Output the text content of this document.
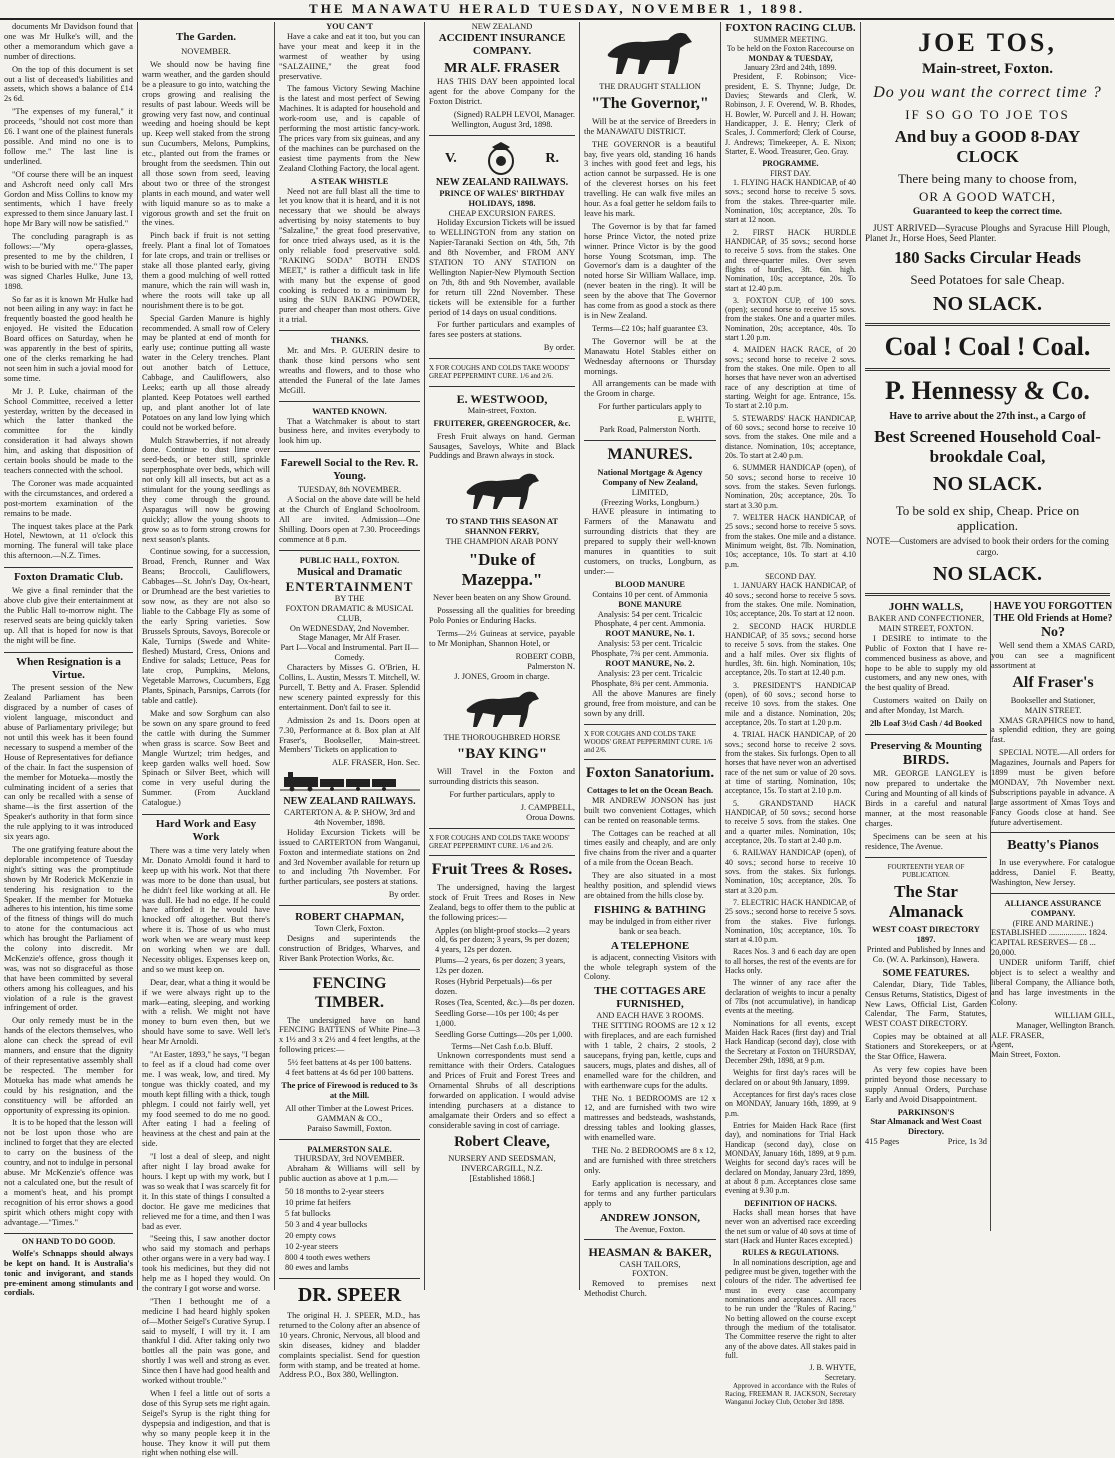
THE MANAWATU HERALD TUESDAY, NOVEMBER 1, 1898.

documents Mr Davidson found that one was Mr Hulke's will, and the other a memorandum which gave a number of directions.

On the top of this document is set out a list of deceased's liabilities and assets, which shows a balance of £14 2s 6d.

"The expenses of my funeral," it proceeds, "should not cost more than £6. I want one of the plainest funerals possible. And mind no one is to follow me." The last line is underlined.

"Of course there will be an inquest and Ashcroft need only call Mrs Gordon and Miss Collins to know my sentiments, which I have freely expressed to them since January last. I hope Mr Bary will now be satisfied."

The concluding paragraph is as follows:—"My opera-glasses, presented to me by the children, I wish to be buried with me." The paper was signed Charles Hulke, June 13, 1898.

So far as it is known Mr Hulke had not been ailing in any way: in fact he frequently boasted the good health he enjoyed. He visited the Education Board offices on Saturday, when he was apparently in the best of spirits, one of the clerks remarking he had not seen him in such a jovial mood for some time.

Mr J. P. Luke, chairman of the School Committee, received a letter yesterday, written by the deceased in which the latter thanked the committee for the kindly consideration it had always shown him, and asking that disposition of certain books should be made to the teachers connected with the school.

The Coroner was made acquainted with the circumstances, and ordered a post-mortem examination of the remains to be made.

The inquest takes place at the Park Hotel, Newtown, at 11 o'clock this morning. The funeral will take place this afternoon.—N.Z. Times.

Foxton Dramatic Club.

We give a final reminder that the above club give their entertainment at the Public Hall to-morrow night. The reserved seats are being quickly taken up. All that is hoped for now is that the night will be fine.

When Resignation is a Virtue.

The present session of the New Zealand Parliament has been disgraced by a number of cases of violent language, misconduct and abuse of Parliamentary privilege; but not until this week has it been found necessary to suspend a member of the House of Representatives for defiance of the chair. In fact the suspension of the member for Motueka—mostly the culminating incident of a series that can only be recalled with a sense of shame—is the first assertion of the Speaker's authority in that form since the rule applying to it was introduced six years ago.

The one gratifying feature about the deplorable incompetence of Tuesday night's sitting was the promptitude shown by Mr Roderick McKenzie in tendering his resignation to the Speaker. If the member for Motueka adheres to his intention, his time some of the fitness of things will do much to atone for the contumacious act which has brought the Parliament of the colony into discredit. Mr McKenzie's offence, gross though it was, was not so disgraceful as those that have been committed by several others among his colleagues, and his violation of a rule is the gravest infringement of order.

Our only remedy must be in the hands of the electors themselves, who alone can check the spread of evil manners, and ensure that the dignity of their representative assembly shall be respected. The member for Motueka has made what amends he could by his resignation, and the constituency will be afforded an opportunity of expressing its opinion.

It is to be hoped that the lesson will not be lost upon those who are inclined to forget that they are elected to carry on the business of the country, and not to indulge in personal abuse. Mr McKenzie's offence was not a calculated one, but the result of a moment's heat, and his prompt recognition of his error shows a good spirit which others might copy with advantage.—"Times."

ON HAND TO DO GOOD.

Wolfe's Schnapps should always be kept on hand. It is Australia's tonic and invigorant, and stands pre-eminent among stimulants and cordials.

The Garden.
NOVEMBER.

We should now be having fine warm weather, and the garden should be a pleasure to go into, watching the crops growing and realising the results of past labour. Weeds will be growing very fast now, and continual weeding and hoeing should be kept up. Keep well staked from the strong sun Cucumbers, Melons, Pumpkins, etc., planted out from the frames or brought from the seedsmen. Thin out all those sown from seed, leaving about two or three of the strongest plants in each mound, and water well with liquid manure so as to make a vigorous growth and set the fruit on the vines.

Pinch back if fruit is not setting freely. Plant a final lot of Tomatoes for late crops, and train or trellises or stake all those planted early, giving them a good mulching of well rotted manure, which the rain will wash in, where the roots will take up all nourishment there is to be got.

Special Garden Manure is highly recommended. A small row of Celery may be planted at end of month for early use; continue putting all waste water in the Celery trenches. Plant out another batch of Lettuce, Cabbage, and Cauliflowers, also Leeks; earth up all those already planted. Keep Potatoes well earthed up, and plant another lot of late Potatoes on any land low lying which could not be worked before.

Mulch Strawberries, if not already done. Continue to dust lime over seed-beds, or better still, sprinkle superphosphate over beds, which will not only kill all insects, but act as a stimulant for the young seedlings as they come through the ground. Asparagus will now be growing quickly; allow the young shoots to grow so as to form strong crowns for next season's plants.

Continue sowing, for a succession, Broad, French, Runner and Wax Beans; Broccoli, Cauliflowers, Cabbages—St. John's Day, Ox-heart, or Drumhead are the best varieties to sow now, as they are not also so liable to the Cabbage Fly as some of the early Spring varieties. Sow Brussels Sprouts, Savoys, Borecole or Kale, Turnips (Swede and White-fleshed) Mustard, Cress, Onions and Endive for salads; Lettuce, Peas for late crop, Pumpkins, Melons, Vegetable Marrows, Cucumbers, Egg Plants, Spinach, Parsnips, Carrots (for table and cattle).

Make and sow Sorghum can also be sown on any spare ground to feed the cattle with during the Summer when grass is scarce. Sow Beet and Mangle Wurtzel; trim hedges, and keep garden walks well hoed. Sow Spinach or Silver Beet, which will come in very useful during the Summer. (From Auckland Catalogue.)

Hard Work and Easy Work

There was a time very lately when Mr. Donato Arnoldi found it hard to keep up with his work. Not that there was more to be done than usual, but he didn't feel like working at all. He was dull. He had no edge. If he could have afforded it he would have knocked off altogether. But there's where it is. Those of us who must work when we are weary must keep on working when we are dull. Necessity obliges. Expenses keep on, and so we must keep on.

Dear, dear, what a thing it would be if we were always right up to the mark—eating, sleeping, and working with a relish. We might not have money to burn even then, but we should have some to save. Well let's hear Mr Arnoldi.

"At Easter, 1893," he says, "I began to feel as if a cloud had come over me. I was weak, low, and tired. My tongue was thickly coated, and my mouth kept filling with a thick, tough phlegm. I could not fairly well, yet my food seemed to do me no good. After eating I had a feeling of heaviness at the chest and pain at the side.

"I lost a deal of sleep, and night after night I lay broad awake for hours. I kept up with my work, but I was so weak that I was scarcely fit for it. In this state of things I consulted a doctor. He gave me medicines that relieved me for a time, and then I was bad as ever.

"Seeing this, I saw another doctor who said my stomach and perhaps other organs were in a very bad way. I took his medicines, but they did not help me as I hoped they would. On the contrary I got worse and worse.

"Then I bethought me of a medicine I had heard highly spoken of—Mother Seigel's Curative Syrup. I said to myself, I will try it. I am thankful I did. After taking only two bottles all the pain was gone, and shortly I was well and strong as ever. Since then I have had good health and worked without trouble."

When I feel a little out of sorts a dose of this Syrup sets me right again. Seigel's Syrup is the right thing for dyspepsia and indigestion, and that is why so many people keep it in the house. They know it will put them right when nothing else will.

YOU CAN'T

Have a cake and eat it too, but you can have your meat and keep it in the warmest of weather by using "SALZAIINE," the great food preservative.

The famous Victory Sewing Machine is the latest and most perfect of Sewing Machines. It is adapted for household and work-room use, and is capable of performing the most artistic fancy-work. The prices vary from six guineas, and any of the machines can be purchased on the easiest time payments from the New Zealand Clothing Factory, the local agent.

A STEAK WHISTLE

Need not are full blast all the time to let you know that it is heard, and it is not necessary that we should be always advertising by noisy statements to buy "Salzaline," the great food preservative, for once tried always used, as it is the only reliable food preservative sold. "RAKING SODA" BOTH ENDS MEET," is rather a difficult task in life with many but the expense of good cooking is reduced to a minimum by using the SUN BAKING POWDER, purer and cheaper than most others. Give it a trial.

THANKS.

Mr. and Mrs. P. GUERIN desire to thank those kind persons who sent wreaths and flowers, and to those who attended the Funeral of the late James McGill.

WANTED KNOWN.

That a Watchmaker is about to start business here, and invites everybody to look him up.

Farewell Social to the Rev. R. Young.
TUESDAY, 8th NOVEMBER.

A Social on the above date will be held at the Church of England Schoolroom. All are invited. Admission—One Shilling. Doors open at 7.30. Proceedings commence at 8 p.m.

PUBLIC HALL, FOXTON.
Musical and Dramatic
ENTERTAINMENT
BY THE
FOXTON DRAMATIC & MUSICAL CLUB,
On WEDNESDAY, 2nd November.
Stage Manager, Mr Alf Fraser.
Part I—Vocal and Instrumental. Part II—Comedy.

Characters by Misses G. O'Brien, H. Collins, L. Austin, Messrs T. Mitchell, W. Purcell, T. Betty and A. Fraser. Splendid new scenery painted expressly for this entertainment. Don't fail to see it.

Admission 2s and 1s. Doors open at 7.30, Performance at 8. Box plan at Alf Fraser's, Bookseller, Main-street. Members' Tickets on application to

ALF. FRASER, Hon. Sec.
NEW ZEALAND RAILWAYS.
CARTERTON A. & P. SHOW, 3rd and 4th November, 1898.

Holiday Excursion Tickets will be issued to CARTERTON from Wanganui, Foxton and intermediate stations on 2nd and 3rd November available for return up to and including 7th November. For further particulars, see posters at stations.

By order.
ROBERT CHAPMAN,
Town Clerk, Foxton.

Designs and superintends the construction of Bridges, Wharves, and River Bank Protection Works, &c.

FENCING TIMBER.

The undersigned have on hand FENCING BATTENS of White Pine—3 x 1½ and 3 x 2½ and 4 feet lengths, at the following prices:—

5½ feet battens at 4s per 100 battens.
4 feet battens at 4s 6d per 100 battens.
The price of Firewood is reduced to 3s at the Mill.
All other Timber at the Lowest Prices.
GAMMAN & CO.,
Paraiso Sawmill, Foxton.
PALMERSTON SALE.
THURSDAY, 3rd NOVEMBER.

Abraham & Williams will sell by public auction as above at 1 p.m.—

50 18 months to 2-year steers
10 prime fat heifers
5 fat bullocks
50 3 and 4 year bullocks
20 empty cows
10 2-year steers
800 4 tooth ewes wethers
80 ewes and lambs
DR. SPEER

The original H. J. SPEER, M.D., has returned to the Colony after an absence of 10 years. Chronic, Nervous, all blood and skin diseases, kidney and bladder complaints specialist. Send for question form with stamp, and be treated at home. Address P.O., Box 380, Wellington.

NEW ZEALAND
ACCIDENT INSURANCE COMPANY.
MR ALF. FRASER

HAS THIS DAY been appointed local agent for the above Company for the Foxton District.

(Signed) RALPH LEVOI, Manager.
Wellington, August 3rd, 1898.
V.	R.
NEW ZEALAND RAILWAYS.
PRINCE OF WALES' BIRTHDAY HOLIDAYS, 1898.
CHEAP EXCURSION FARES.

Holiday Excursion Tickets will be issued to WELLINGTON from any station on Napier-Taranaki Section on 4th, 5th, 7th and 8th November, and FROM ANY STATION TO ANY STATION on Wellington Napier-New Plymouth Section on 7th, 8th and 9th November, available for return till 22nd November. These tickets will be extensible for a further period of 14 days on usual conditions.

For further particulars and examples of fares see posters at stations.

By order.
X FOR COUGHS AND COLDS TAKE WOODS' GREAT PEPPERMINT CURE. 1/6 and 2/6.
E. WESTWOOD,
Main-street, Foxton.
FRUITERER, GREENGROCER, &c.

Fresh Fruit always on hand. German Sausages, Saveloys, White and Black Puddings and Brawn always in stock.

TO STAND THIS SEASON AT SHANNON FERRY,
THE CHAMPION ARAB PONY
"Duke of Mazeppa."

Never been beaten on any Show Ground.

Possessing all the qualities for breeding Polo Ponies or Enduring Hacks.

Terms—2½ Guineas at service, payable to Mr Moniphan, Shannon Hotel, or

ROBERT COBB,
Palmerston N.
J. JONES, Groom in charge.
THE THOROUGHBRED HORSE
"BAY KING"

Will Travel in the Foxton and surrounding districts this season.

For further particulars, apply to

J. CAMPBELL,
Oroua Downs.
X FOR COUGHS AND COLDS TAKE WOODS' GREAT PEPPERMINT CURE. 1/6 and 2/6.
Fruit Trees & Roses.

The undersigned, having the largest stock of Fruit Trees and Roses in New Zealand, begs to offer them to the public at the following prices:—

Apples (on blight-proof stocks—2 years old, 6s per dozen; 3 years, 9s per dozen; 4 years, 12s per dozen.
Plums—2 years, 6s per dozen; 3 years, 12s per dozen.
Roses (Hybrid Perpetuals)—6s per dozen.
Roses (Tea, Scented, &c.)—8s per dozen.
Seedling Gorse—10s per 100; 4s per 1,000.
Seedling Gorse Cuttings—20s per 1,000.
Terms—Net Cash f.o.b. Bluff.

Unknown correspondents must send a remittance with their Orders. Catalogues and Prices of Fruit and Forest Trees and Ornamental Shrubs of all descriptions forwarded on application. I would advise intending purchasers at a distance to amalgamate their Orders and so effect a considerable saving in cost of carriage.

Robert Cleave,
NURSERY AND SEEDSMAN,
INVERCARGILL, N.Z.
[Established 1868.]
THE DRAUGHT STALLION
"The Governor,"

Will be at the service of Breeders in the MANAWATU DISTRICT.

THE GOVERNOR is a beautiful bay, five years old, standing 16 hands 3 inches with good feet and legs, his action cannot be surpassed. He is one of the cleverest horses on his feet travelling. He can walk five miles an hour. As a foal getter he seldom fails to leave his mark.

The Governor is by that far famed horse Prince Victor, the noted prize winner. Prince Victor is by the good horse Young Scotsman, imp. The Governor's dam is a daughter of the noted horse Sir William Wallace, imp. (never beaten in the ring). It will be seen by the above that The Governor has come from as good a stock as there is in New Zealand.

Terms—£2 10s; half guarantee £3.

The Governor will be at the Manawatu Hotel Stables either on Wednesday afternoons or Thursday mornings.

All arrangements can be made with the Groom in charge.

For further particulars apply to

E. WHITE,
Park Road, Palmerston North.
MANURES.
National Mortgage & Agency Company of New Zealand,
LIMITED,
(Freezing Works, Longburn.)

HAVE pleasure in intimating to Farmers of the Manawatu and surrounding districts that they are prepared to supply their well-known manures in quantities to suit customers, on trucks, Longburn, as under:—

BLOOD MANURE
Contains 10 per cent. of Ammonia
BONE MANURE
Analysis: 54 per cent. Tricalcic Phosphate, 4 per cent. Ammonia.
ROOT MANURE, No. 1.
Analysis: 53 per cent. Tricalcic Phosphate, 7¾ per cent. Ammonia.
ROOT MANURE, No. 2.
Analysis: 23 per cent. Tricalcic Phosphate, 8¾ per cent. Ammonia.

All the above Manures are finely ground, free from moisture, and can be sown by any drill.

X FOR COUGHS AND COLDS TAKE WOODS' GREAT PEPPERMINT CURE. 1/6 and 2/6.
Foxton Sanatorium.
Cottages to let on the Ocean Beach.

MR ANDREW JONSON has just built two convenient Cottages, which can be rented on reasonable terms.

The Cottages can be reached at all times easily and cheaply, and are only five chains from the river and a quarter of a mile from the Ocean Beach.

They are also situated in a most healthy position, and splendid views are obtained from the hills close by.

FISHING & BATHING
may be indulged in from either river bank or sea beach.
A TELEPHONE

is adjacent, connecting Visitors with the whole telegraph system of the Colony.

THE COTTAGES ARE FURNISHED,
AND EACH HAVE 3 ROOMS.

THE SITTING ROOMS are 12 x 12 with fireplaces, and are each furnished with 1 table, 2 chairs, 2 stools, 2 saucepans, frying pan, kettle, cups and saucers, mugs, plates and dishes, all of enamelled ware for the children, and with earthenware cups for the adults.

THE No. 1 BEDROOMS are 12 x 12, and are furnished with two wire mattresses and bedsteads, washstands, dressing tables and looking glasses, with enamelled ware.

THE No. 2 BEDROOMS are 8 x 12, and are furnished with three stretchers only.

Early application is necessary, and for terms and any further particulars apply to

ANDREW JONSON,
The Avenue, Foxton.
HEASMAN & BAKER,
CASH TAILORS,
FOXTON.

Removed to premises next Methodist Church.

FOXTON RACING CLUB.
SUMMER MEETING.
To be held on the Foxton Racecourse on
MONDAY & TUESDAY,
January 23rd and 24th, 1899.

President, F. Robinson; Vice-president, E. S. Thynne; Judge, Dr. Davies; Stewards and Clerk, W. Robinson, J. F. Overend, W. B. Rhodes, H. Bowler, W. Purcell and J. H. Howan; Handicapper, J. E. Henry; Clerk of Scales, J. Commerford; Clerk of Course, J. Andrews; Timekeeper, A. E. Nixon; Starter, E. Wood. Treasurer, Geo. Gray.

PROGRAMME.
FIRST DAY.

1. FLYING HACK HANDICAP, of 40 sovs.; second horse to receive 5 sovs. from the stakes. Three-quarter mile. Nomination, 10s; acceptance, 20s. To start at 12 noon.

2. FIRST HACK HURDLE HANDICAP, of 35 sovs.; second horse to receive 5 sovs. from the stakes. One and three-quarter miles. Over seven flights of hurdles, 3ft. 6in. high. Nomination, 10s; acceptance, 20s. To start at 12.40 p.m.

3. FOXTON CUP, of 100 sovs. (open); second horse to receive 15 sovs. from the stakes. One and a quarter miles. Nomination, 20s; acceptance, 40s. To start 1.20 p.m.

4. MAIDEN HACK RACE, of 20 sovs.; second horse to receive 2 sovs. from the stakes. One mile. Open to all horses that have never won an advertised race of any description at time of starting. Weight for age. Entrance, 15s. To start at 2.10 p.m.

5. STEWARDS' HACK HANDICAP, of 60 sovs.; second horse to receive 10 sovs. from the stakes. One mile and a distance. Nomination, 10s; acceptance, 20s. To start at 2.40 p.m.

6. SUMMER HANDICAP (open), of 50 sovs.; second horse to receive 10 sovs. from the stakes. Seven furlongs. Nomination, 20s; acceptance, 20s. To start at 3.30 p.m.

7. WELTER HACK HANDICAP, of 25 sovs.; second horse to receive 5 sovs. from the stakes. One mile and a distance. Minimum weight, 8st. 7lb. Nomination, 10s; acceptance, 10s. To start at 4.10 p.m.

SECOND DAY.

1. JANUARY HACK HANDICAP, of 40 sovs.; second horse to receive 5 sovs. from the stakes. One mile. Nomination, 10s; acceptance, 20s. To start at 12 noon.

2. SECOND HACK HURDLE HANDICAP, of 35 sovs.; second horse to receive 5 sovs. from the stakes. One and a half miles. Over six flights of hurdles, 3ft. 6in. high. Nomination, 10s; acceptance, 20s. To start at 12.40 p.m.

3. PRESIDENT'S HANDICAP (open), of 60 sovs.; second horse to receive 10 sovs. from the stakes. One mile and a distance. Nomination, 20s; acceptance, 20s. To start at 1.20 p.m.

4. TRIAL HACK HANDICAP, of 20 sovs.; second horse to receive 2 sovs. from the stakes. Six furlongs. Open to all horses that have never won an advertised race of the net sum or value of 20 sovs. at time of starting. Nomination, 10s; acceptance, 15s. To start at 2.10 p.m.

5. GRANDSTAND HACK HANDICAP, of 50 sovs.; second horse to receive 5 sovs. from the stakes. One and a quarter miles. Nomination, 10s; acceptance, 20s. To start at 2.40 p.m.

6. RAILWAY HANDICAP (open), of 40 sovs.; second horse to receive 10 sovs. from the stakes. Six furlongs. Nomination, 10s; acceptance, 20s. To start at 3.20 p.m.

7. ELECTRIC HACK HANDICAP, of 25 sovs.; second horse to receive 5 sovs. from the stakes. Five furlongs. Nomination, 10s; acceptance, 10s. To start at 4.10 p.m.

Races Nos. 3 and 6 each day are open to all horses, the rest of the events are for Hacks only.

The winner of any race after the declaration of weights to incur a penalty of 7lbs (not accumulative), in handicap events at the meeting.

Nominations for all events, except Maiden Hack Races (first day) and Trial Hack Handicap (second day), close with the Secretary at Foxton on THURSDAY, December 29th, 1898, at 9 p.m.

Weights for first day's races will be declared on or about 9th January, 1899.

Acceptances for first day's races close on MONDAY, January 16th, 1899, at 9 p.m.

Entries for Maiden Hack Race (first day), and nominations for Trial Hack Handicap (second day), close on MONDAY, January 16th, 1899, at 9 p.m. Weights for second day's races will be declared on Monday, January 23rd, 1899, at about 8 p.m. Acceptances close same evening at 9.30 p.m.

DEFINITION OF HACKS.

Hacks shall mean horses that have never won an advertised race exceeding the net sum or value of 40 sovs at time of start (Hack and Hunter Races excepted.)

RULES & REGULATIONS.

In all nominations description, age and pedigree must be given, together with the colours of the rider. The advertised fee must in every case accompany nominations and acceptances. All races to be run under the "Rules of Racing." No betting allowed on the course except through the medium of the totalisator. The Committee reserve the right to alter any of the above dates. All stakes paid in full.

J. B. WHYTE,
Secretary.

Approved in accordance with the Rules of Racing, FREEMAN R. JACKSON, Secretary Wanganui Jockey Club, October 3rd 1898.

JOE TOS,
Main-street, Foxton.
Do you want the correct time ?
IF SO GO TO JOE TOS
And buy a GOOD 8-DAY CLOCK
There being many to choose from,
OR A GOOD WATCH,
Guaranteed to keep the correct time.

JUST ARRIVED—Syracuse Ploughs and Syracuse Hill Plough, Planet Jr., Horse Hoes, Seed Planter.

180 Sacks Circular Heads
Seed Potatoes for sale Cheap.
NO SLACK.
Coal ! Coal ! Coal.
P. Hennessy & Co.
Have to arrive about the 27th inst., a Cargo of
Best Screened Household Coal-brookdale Coal,
NO SLACK.
To be sold ex ship, Cheap. Price on application.
NOTE—Customers are advised to book their orders for the coming cargo.
NO SLACK.
JOHN WALLS,
BAKER AND CONFECTIONER,
MAIN STREET, FOXTON.

I DESIRE to intimate to the Public of Foxton that I have re-commenced business as above, and hope to be able to supply my old customers, and any new ones, with the best quality of Bread.

Customers waited on Daily on and after Monday, 1st March.

2lb Loaf 3½d Cash / 4d Booked
Preserving & Mounting
BIRDS.

MR. GEORGE LANGLEY is now prepared to undertake the Curing and Mounting of all kinds of Birds in a careful and natural manner, at the most reasonable charges.

Specimens can be seen at his residence, The Avenue.

FOURTEENTH YEAR OF PUBLICATION.
The Star Almanack
WEST COAST DIRECTORY 1897.

Printed and Published by Innes and Co. (W. A. Parkinson), Hawera.

SOME FEATURES.

Calendar, Diary, Tide Tables, Census Returns, Statistics, Digest of New Laws, Official List, Garden Calendar, The Farm, Statutes, WEST COAST DIRECTORY.

Copies may be obtained at all Stationers and Storekeepers, or at the Star Office, Hawera.

As very few copies have been printed beyond those necessary to supply Annual Orders, Purchase Early and Avoid Disappointment.

PARKINSON'S
Star Almanack and West Coast Directory.
415 Pages	Price, 1s 3d
HAVE YOU FORGOTTEN THE Old Friends at Home?
No?

Well send them a XMAS CARD, you can see a magnificent assortment at

Alf Fraser's
Bookseller and Stationer,
MAIN STREET.

XMAS GRAPHICS now to hand, a splendid edition, they are going fast.

SPECIAL NOTE.—All orders for Magazines, Journals and Papers for 1899 must be given before MONDAY, 7th November next. Subscriptions payable in advance. A large assortment of Xmas Toys and Fancy Goods close at hand. See future advertisement.

Beatty's Pianos

In use everywhere. For catalogue address, Daniel F. Beatty, Washington, New Jersey.

ALLIANCE ASSURANCE COMPANY.
(FIRE AND MARINE.)
ESTABLISHED .................. 1824.
CAPITAL RESERVES— £8 ... 20,000.

UNDER uniform Tariff, chief object is to select a wealthy and liberal Company, the Alliance both, and has large investments in the Colony.

WILLIAM GILL,
Manager, Wellington Branch.
ALF. FRASER,
Agent,
Main Street, Foxton.
